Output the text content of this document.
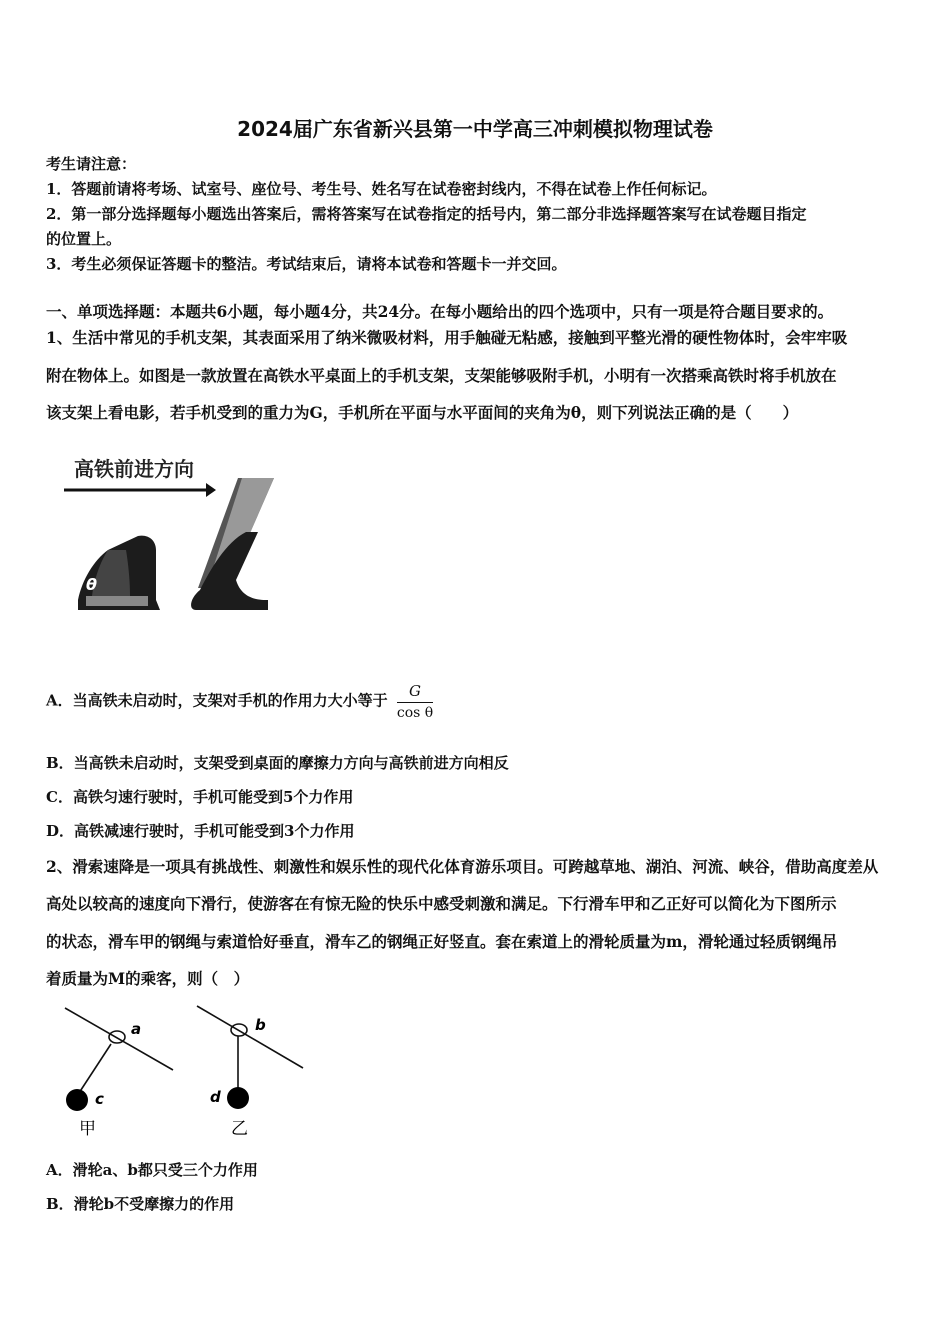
2024届广东省新兴县第一中学高三冲刺模拟物理试卷
考生请注意：
1．答题前请将考场、试室号、座位号、考生号、姓名写在试卷密封线内，不得在试卷上作任何标记。
2．第一部分选择题每小题选出答案后，需将答案写在试卷指定的括号内，第二部分非选择题答案写在试卷题目指定
的位置上。
3．考生必须保证答题卡的整洁。考试结束后，请将本试卷和答题卡一并交回。
一、单项选择题：本题共6小题，每小题4分，共24分。在每小题给出的四个选项中，只有一项是符合题目要求的。
1、生活中常见的手机支架，其表面采用了纳米微吸材料，用手触碰无粘感，接触到平整光滑的硬性物体时，会牢牢吸
附在物体上。如图是一款放置在高铁水平桌面上的手机支架，支架能够吸附手机，小明有一次搭乘高铁时将手机放在
该支架上看电影，若手机受到的重力为G，手机所在平面与水平面间的夹角为θ，则下列说法正确的是（　　）
高铁前进方向
θ
A．当高铁未启动时，支架对手机的作用力大小等于 $\frac{G}{\text{cos θ}}$
B．当高铁未启动时，支架受到桌面的摩擦力方向与高铁前进方向相反
C．高铁匀速行驶时，手机可能受到5个力作用
D．高铁减速行驶时，手机可能受到3个力作用
2、滑索速降是一项具有挑战性、刺激性和娱乐性的现代化体育游乐项目。可跨越草地、湖泊、河流、峡谷，借助高度差从
高处以较高的速度向下滑行，使游客在有惊无险的快乐中感受刺激和满足。下行滑车甲和乙正好可以简化为下图所示
的状态，滑车甲的钢绳与索道恰好垂直，滑车乙的钢绳正好竖直。套在索道上的滑轮质量为m，滑轮通过轻质钢绳吊
着质量为M的乘客，则（　）
a
c
甲
b
d
乙
A．滑轮a、b都只受三个力作用
B．滑轮b不受摩擦力的作用
